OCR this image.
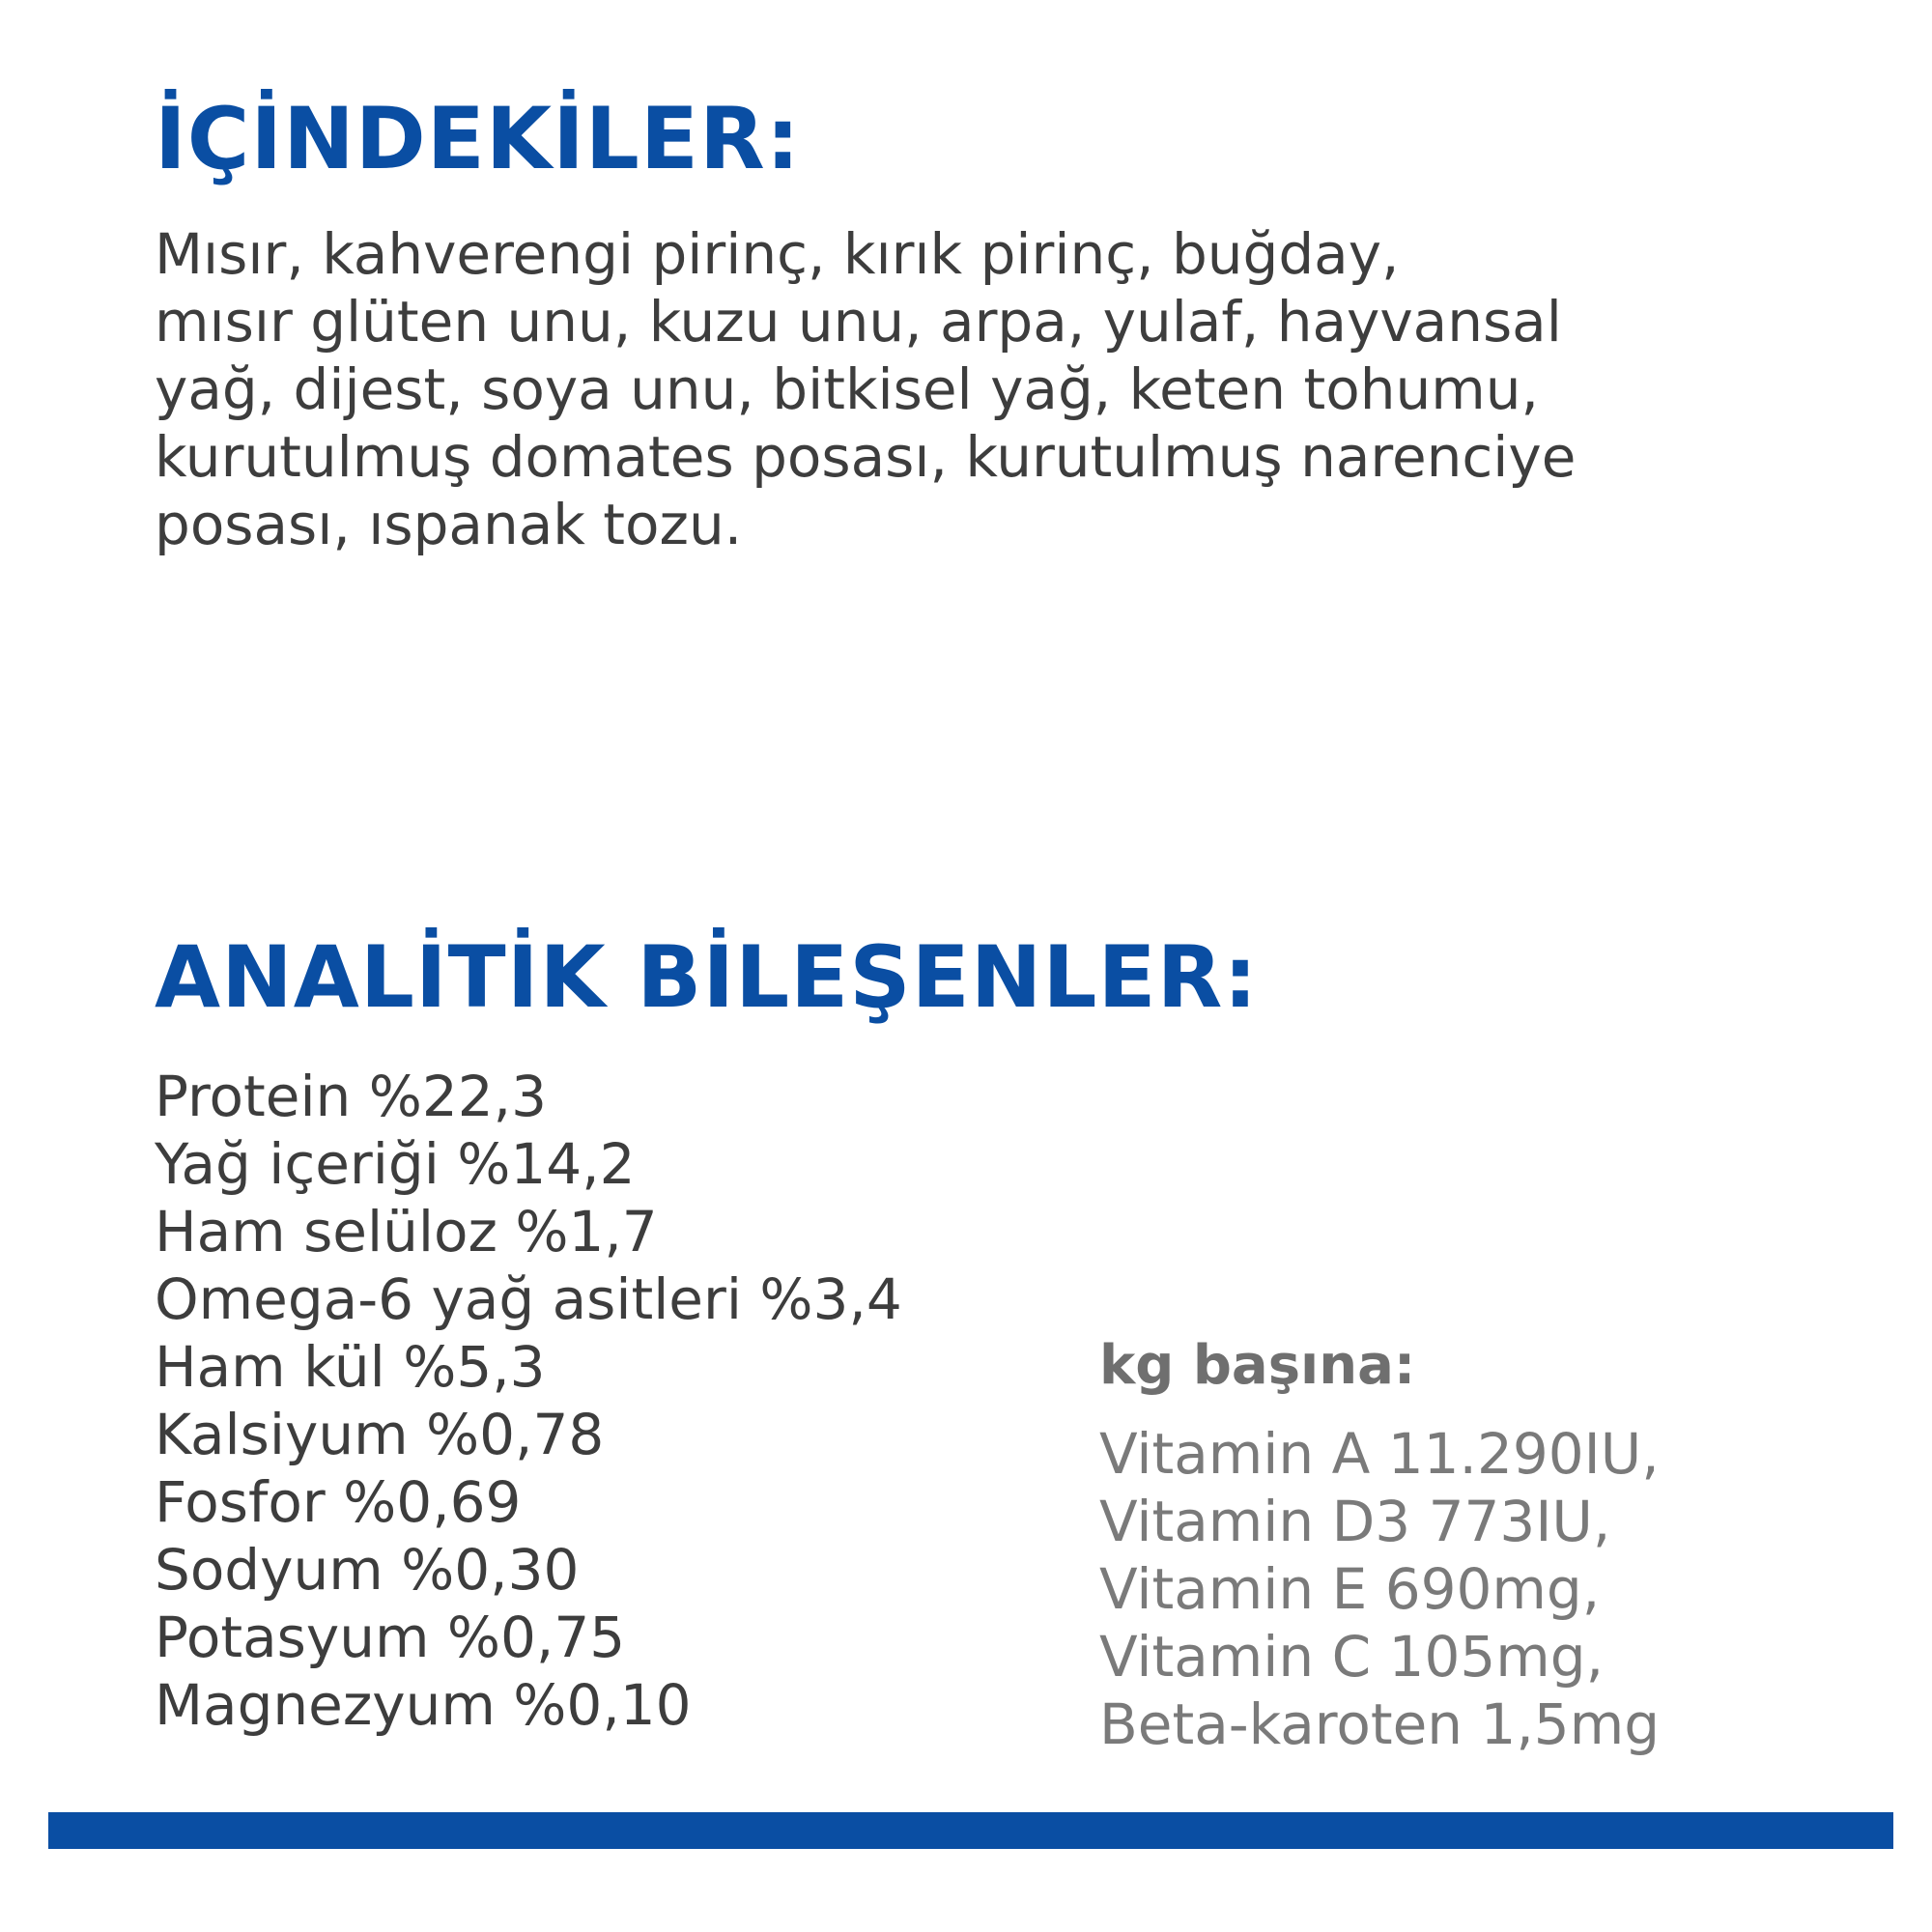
İÇİNDEKİLER:

Mısır, kahverengi pirinç, kırık pirinç, buğday,
mısır glüten unu, kuzu unu, arpa, yulaf, hayvansal
yağ, dijest, soya unu, bitkisel yağ, keten tohumu,
kurutulmuş domates posası, kurutulmuş narenciye
posası, ıspanak tozu.

ANALİTİK BİLEŞENLER:
Protein %22,3
Yağ içeriği %14,2
Ham selüloz %1,7
Omega-6 yağ asitleri %3,4
Ham kül %5,3
Kalsiyum %0,78
Fosfor %0,69
Sodyum %0,30
Potasyum %0,75
Magnezyum %0,10
kg başına:
Vitamin A 11.290IU,
Vitamin D3 773IU,
Vitamin E 690mg,
Vitamin C 105mg,
Beta-karoten 1,5mg
